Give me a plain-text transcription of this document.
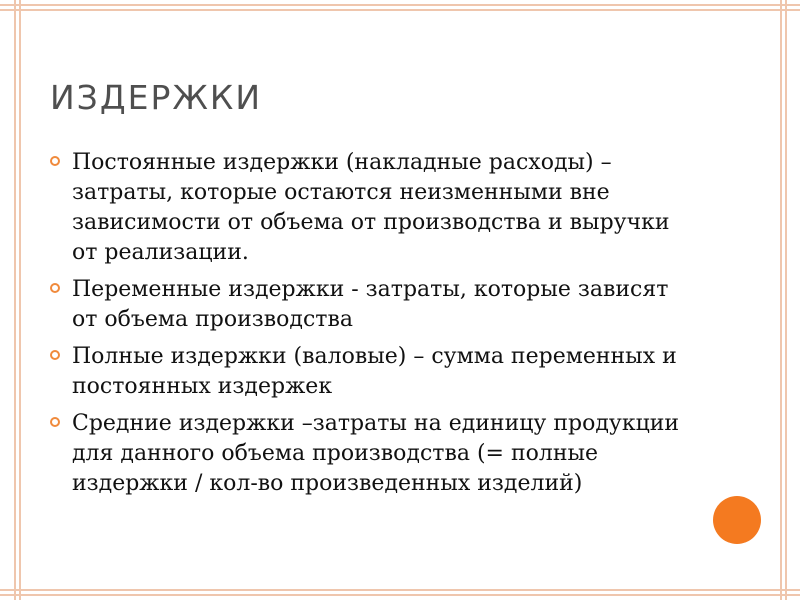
ИЗДЕРЖКИ
Постоянные издержки (накладные расходы) – затраты, которые остаются неизменными вне зависимости от объема от производства и выручки от реализации.
Переменные издержки - затраты, которые зависят от объема производства
Полные издержки (валовые) – сумма переменных и постоянных издержек
Средние издержки –затраты на единицу продукции для данного объема производства (= полные издержки / кол-во произведенных изделий)
